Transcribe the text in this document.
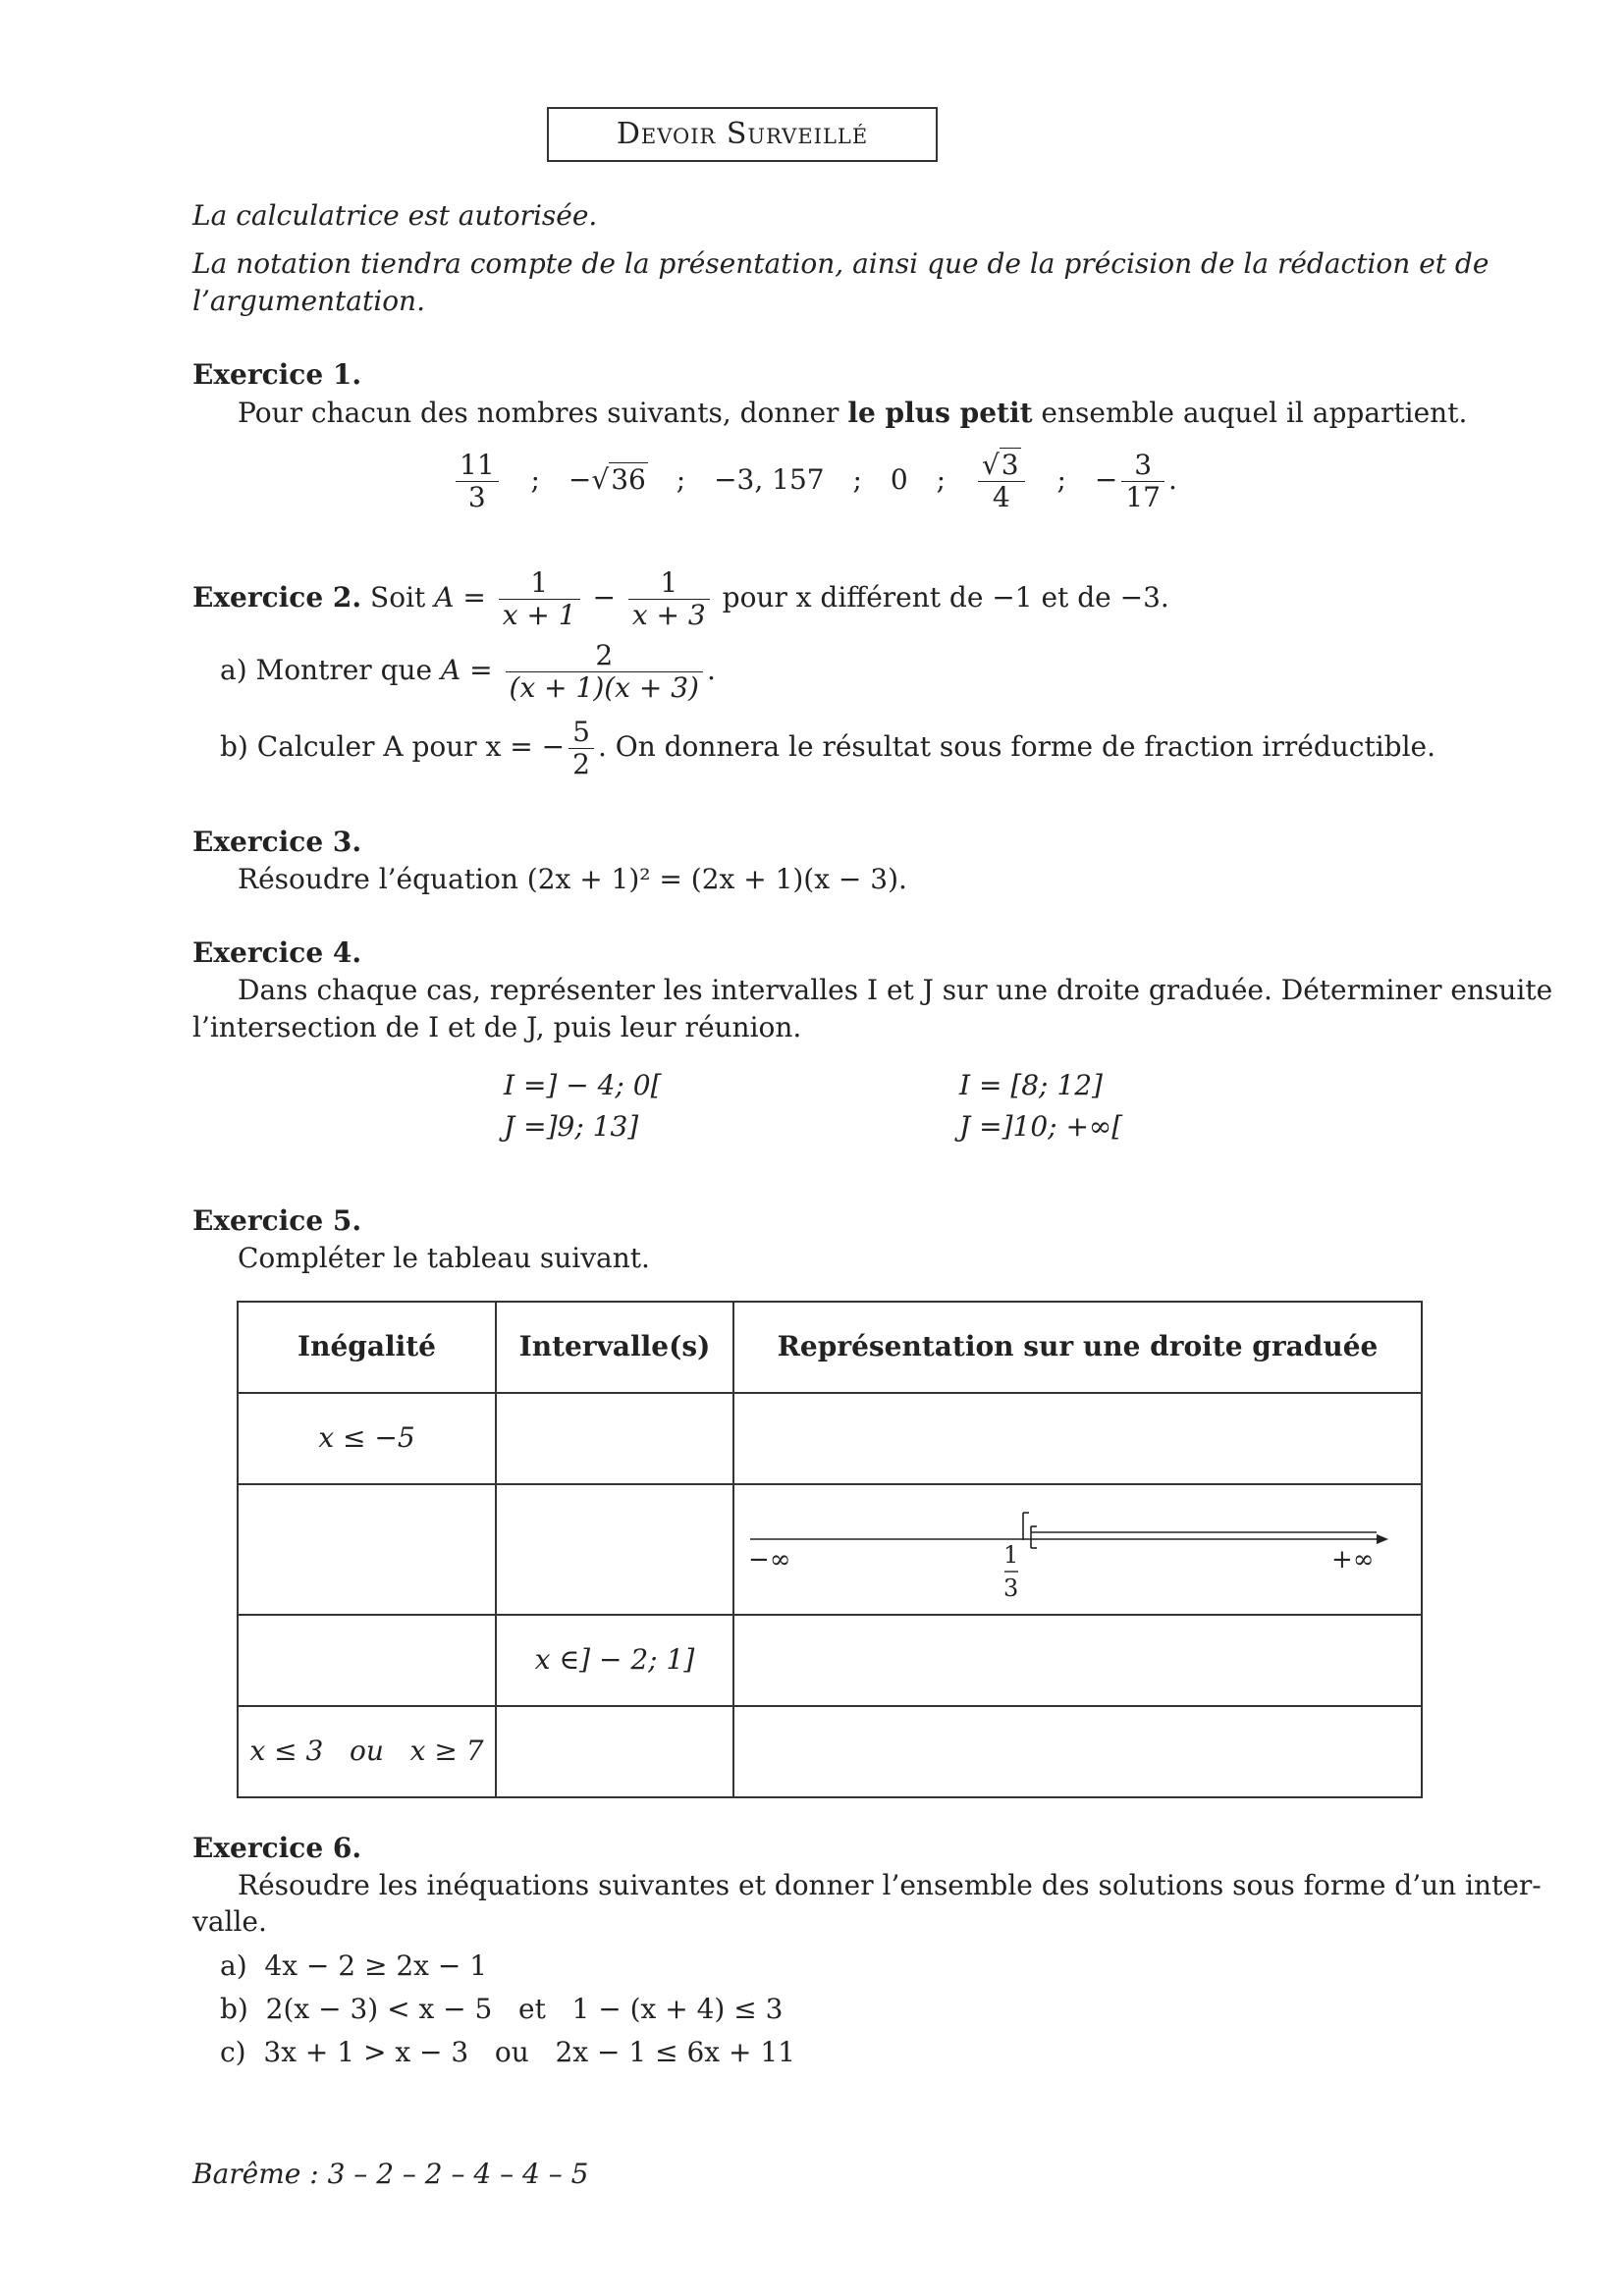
Devoir Surveillé
La calculatrice est autorisée.
La notation tiendra compte de la présentation, ainsi que de la précision de la rédaction et de
l’argumentation.
Exercice 1.
Pour chacun des nombres suivants, donner le plus petit ensemble auquel il appartient.
$\frac{11}{3}$ ; −√36 ; −3, 157 ; 0 ; $\frac{√3}{4}$ ; − $\frac{3}{17}$ .
Exercice 2. Soit $A = \frac{1}{x + 1} - \frac{1}{x + 3}$ pour x différent de −1 et de −3.
a) Montrer que $A = \frac{2}{(x + 1)(x + 3)}$ .
b) Calculer A pour x = − $\frac{5}{2}$ . On donnera le résultat sous forme de fraction irréductible.
Exercice 3.
Résoudre l’équation (2x + 1)² = (2x + 1)(x − 3).
Exercice 4.
Dans chaque cas, représenter les intervalles I et J sur une droite graduée. Déterminer ensuite
l’intersection de I et de J, puis leur réunion.
I =] − 4; 0[
J =]9; 13]
I = [8; 12]
J =]10; +∞[
Exercice 5.
Compléter le tableau suivant.
Inégalité	Intervalle(s)	Représentation sur une droite graduée
x ≤ −5		

		−∞ +∞
1
3

	x ∈] − 2; 1]	
x ≤ 3   ou   x ≥ 7		
Exercice 6.
Résoudre les inéquations suivantes et donner l’ensemble des solutions sous forme d’un inter-
valle.
a)  4x − 2 ≥ 2x − 1
b)  2(x − 3) < x − 5   et   1 − (x + 4) ≤ 3
c)  3x + 1 > x − 3   ou   2x − 1 ≤ 6x + 11
Barême : 3 – 2 – 2 – 4 – 4 – 5
